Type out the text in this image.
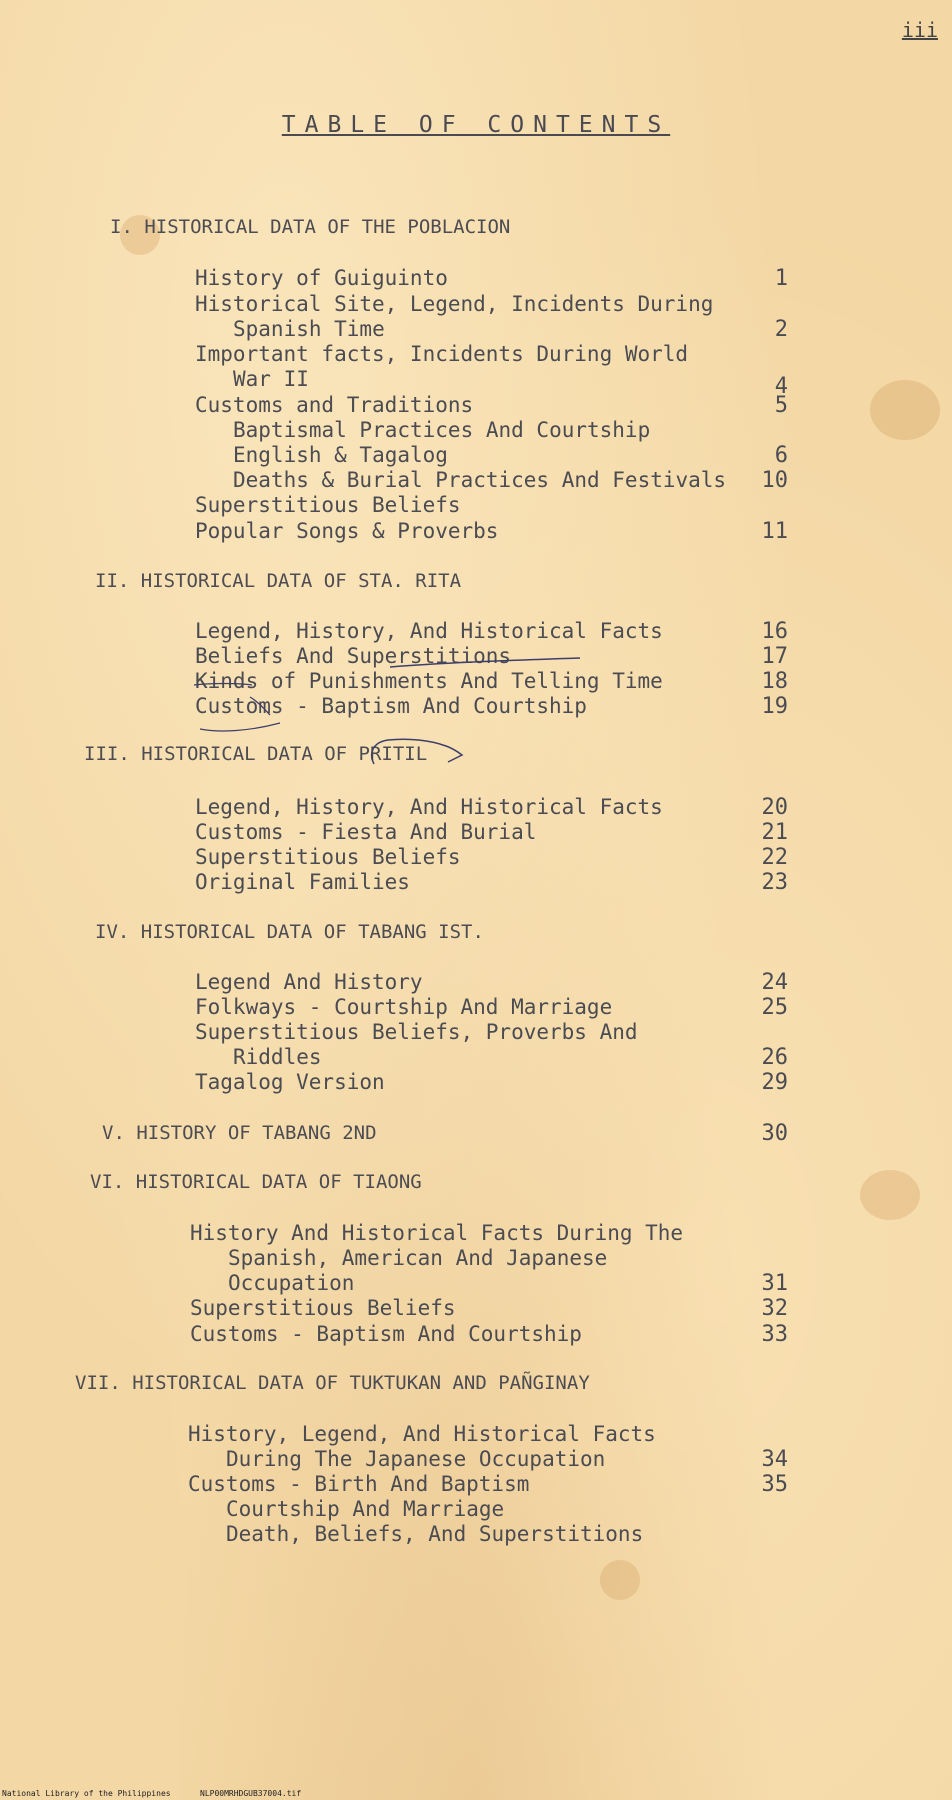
iii
TABLE OF CONTENTS
I. HISTORICAL DATA OF THE POBLACION
History of Guiguinto	1
Historical Site, Legend, Incidents During
Spanish Time	2
Important facts, Incidents During World
War II	4
Customs and Traditions	5
Baptismal Practices And Courtship
English & Tagalog	6
Deaths & Burial Practices And Festivals	10
Superstitious Beliefs
Popular Songs & Proverbs	11
II. HISTORICAL DATA OF STA. RITA
Legend, History, And Historical Facts	16
Beliefs And Superstitions	17
Kinds of Punishments And Telling Time	18
Customs - Baptism And Courtship	19
III. HISTORICAL DATA OF PRITIL
Legend, History, And Historical Facts	20
Customs - Fiesta And Burial	21
Superstitious Beliefs	22
Original Families	23
IV. HISTORICAL DATA OF TABANG IST.
Legend And History	24
Folkways - Courtship And Marriage	25
Superstitious Beliefs, Proverbs And
Riddles	26
Tagalog Version	29
V. HISTORY OF TABANG 2ND	30
VI. HISTORICAL DATA OF TIAONG
History And Historical Facts During The
Spanish, American And Japanese
Occupation	31
Superstitious Beliefs	32
Customs - Baptism And Courtship	33
VII. HISTORICAL DATA OF TUKTUKAN AND PAÑGINAY
History, Legend, And Historical Facts
During The Japanese Occupation	34
Customs - Birth And Baptism	35
Courtship And Marriage
Death, Beliefs, And Superstitions
National Library of the Philippines	NLP00MRHDGUB37004.tif
